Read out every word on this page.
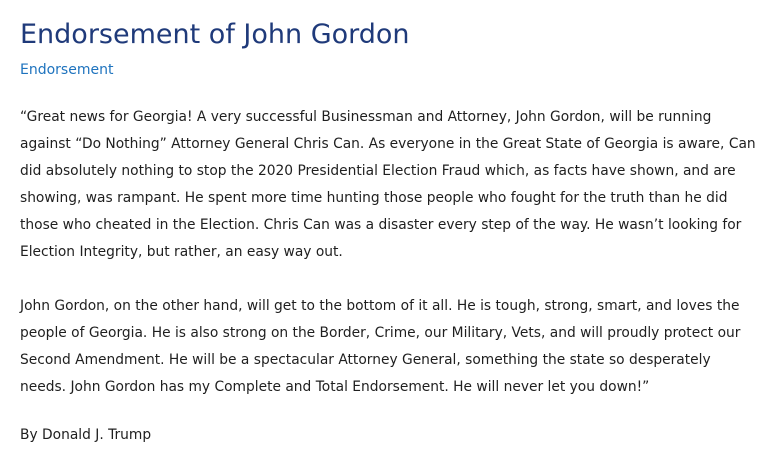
Endorsement of John Gordon
Endorsement

“Great news for Georgia! A very successful Businessman and Attorney, John Gordon, will be running against “Do Nothing” Attorney General Chris Can. As everyone in the Great State of Georgia is aware, Can did absolutely nothing to stop the 2020 Presidential Election Fraud which, as facts have shown, and are showing, was rampant. He spent more time hunting those people who fought for the truth than he did those who cheated in the Election. Chris Can was a disaster every step of the way. He wasn’t looking for Election Integrity, but rather, an easy way out.

John Gordon, on the other hand, will get to the bottom of it all. He is tough, strong, smart, and loves the people of Georgia. He is also strong on the Border, Crime, our Military, Vets, and will proudly protect our Second Amendment. He will be a spectacular Attorney General, something the state so desperately needs. John Gordon has my Complete and Total Endorsement. He will never let you down!”

By Donald J. Trump
